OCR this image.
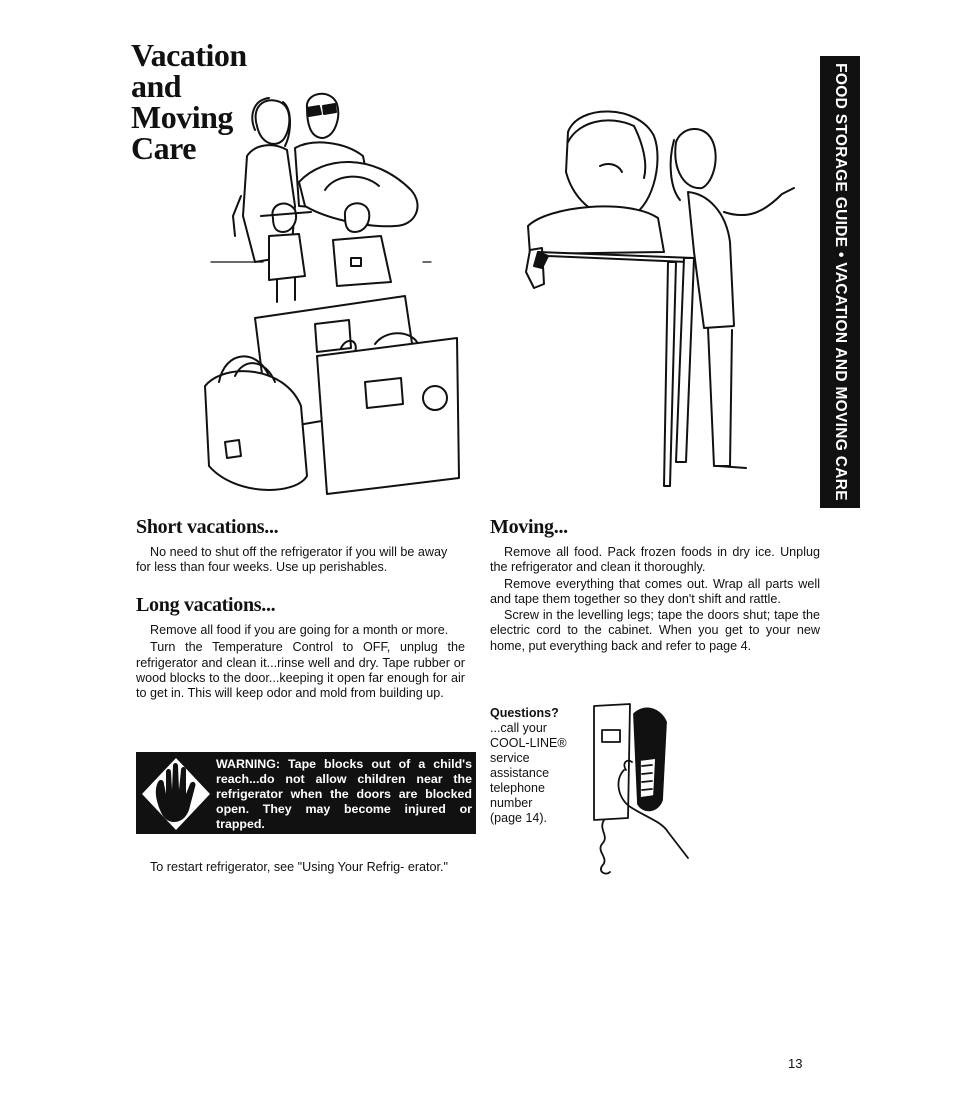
Vacation
and
Moving
Care	FOOD STORAGE GUIDE • VACATION AND MOVING CARE
Short vacations...

No need to shut off the refrigerator if you will be away for less than four weeks. Use up perishables.

Long vacations...

Remove all food if you are going for a month or more.

Turn the Temperature Control to OFF, unplug the refrigerator and clean it...rinse well and dry. Tape rubber or wood blocks to the door...keeping it open far enough for air to get in. This will keep odor and mold from building up.

WARNING: Tape blocks out of a child's reach...do not allow children near the refrigerator when the doors are blocked open. They may become injured or trapped.

To restart refrigerator, see "Using Your Refrig- erator."

Moving...

Remove all food. Pack frozen foods in dry ice. Unplug the refrigerator and clean it thoroughly.

Remove everything that comes out. Wrap all parts well and tape them together so they don't shift and rattle.

Screw in the levelling legs; tape the doors shut; tape the electric cord to the cabinet. When you get to your new home, put everything back and refer to page 4.

Questions?
...call your
COOL-LINE®
service
assistance
telephone
number
(page 14).
13
